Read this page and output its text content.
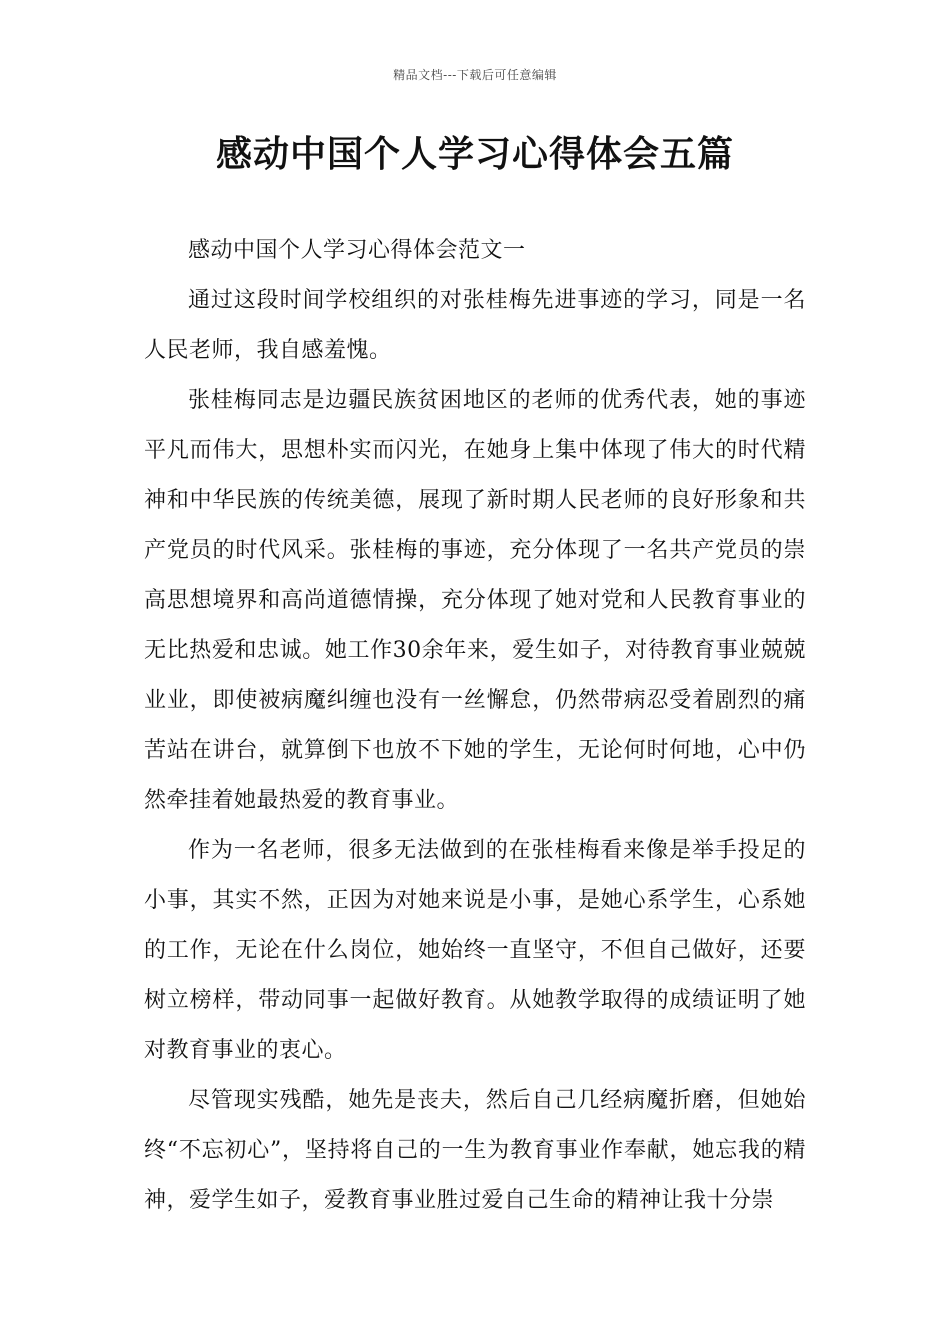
精品文档---下载后可任意编辑
感动中国个人学习心得体会五篇

感动中国个人学习心得体会范文一

通过这段时间学校组织的对张桂梅先进事迹的学习，同是一名人民老师，我自感羞愧。

张桂梅同志是边疆民族贫困地区的老师的优秀代表，她的事迹平凡而伟大，思想朴实而闪光，在她身上集中体现了伟大的时代精神和中华民族的传统美德，展现了新时期人民老师的良好形象和共产党员的时代风采。张桂梅的事迹，充分体现了一名共产党员的崇高思想境界和高尚道德情操，充分体现了她对党和人民教育事业的无比热爱和忠诚。她工作30余年来，爱生如子，对待教育事业兢兢业业，即使被病魔纠缠也没有一丝懈怠，仍然带病忍受着剧烈的痛苦站在讲台，就算倒下也放不下她的学生，无论何时何地，心中仍然牵挂着她最热爱的教育事业。

作为一名老师，很多无法做到的在张桂梅看来像是举手投足的小事，其实不然，正因为对她来说是小事，是她心系学生，心系她的工作，无论在什么岗位，她始终一直坚守，不但自己做好，还要树立榜样，带动同事一起做好教育。从她教学取得的成绩证明了她对教育事业的衷心。

尽管现实残酷，她先是丧夫，然后自己几经病魔折磨，但她始终“不忘初心”，坚持将自己的一生为教育事业作奉献，她忘我的精神，爱学生如子，爱教育事业胜过爱自己生命的精神让我十分崇
